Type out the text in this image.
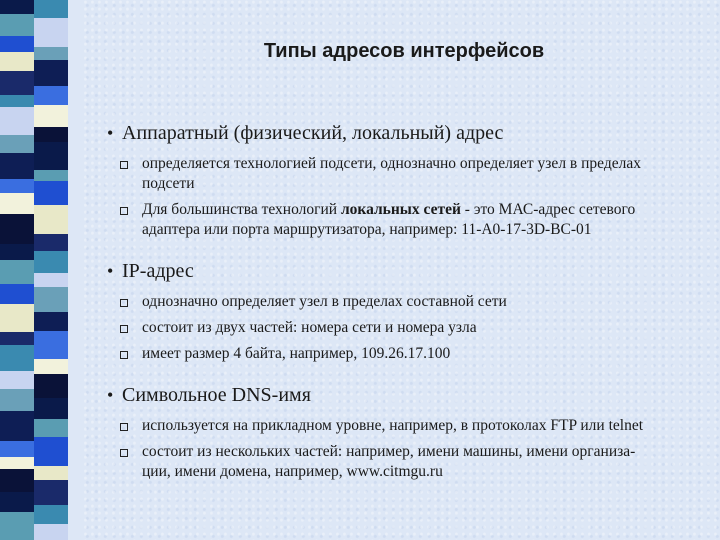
Типы адресов интерфейсов
• Аппаратный (физический, локальный) адрес
определяется технологией подсети, однозначно определяет узел в пределах
подсети
Для большинства технологий локальных сетей - это МАС-адрес сетевого
адаптера или порта маршрутизатора, например: 11-А0-17-3D-ВС-01
• IP-адрес
однозначно определяет узел в пределах составной сети
состоит из двух частей: номера сети и номера узла
имеет размер 4 байта, например, 109.26.17.100
• Символьное DNS-имя
используется на прикладном уровне, например, в протоколах FTP или telnet
состоит из нескольких частей: например, имени машины, имени организа-
ции, имени домена, например, www.citmgu.ru
